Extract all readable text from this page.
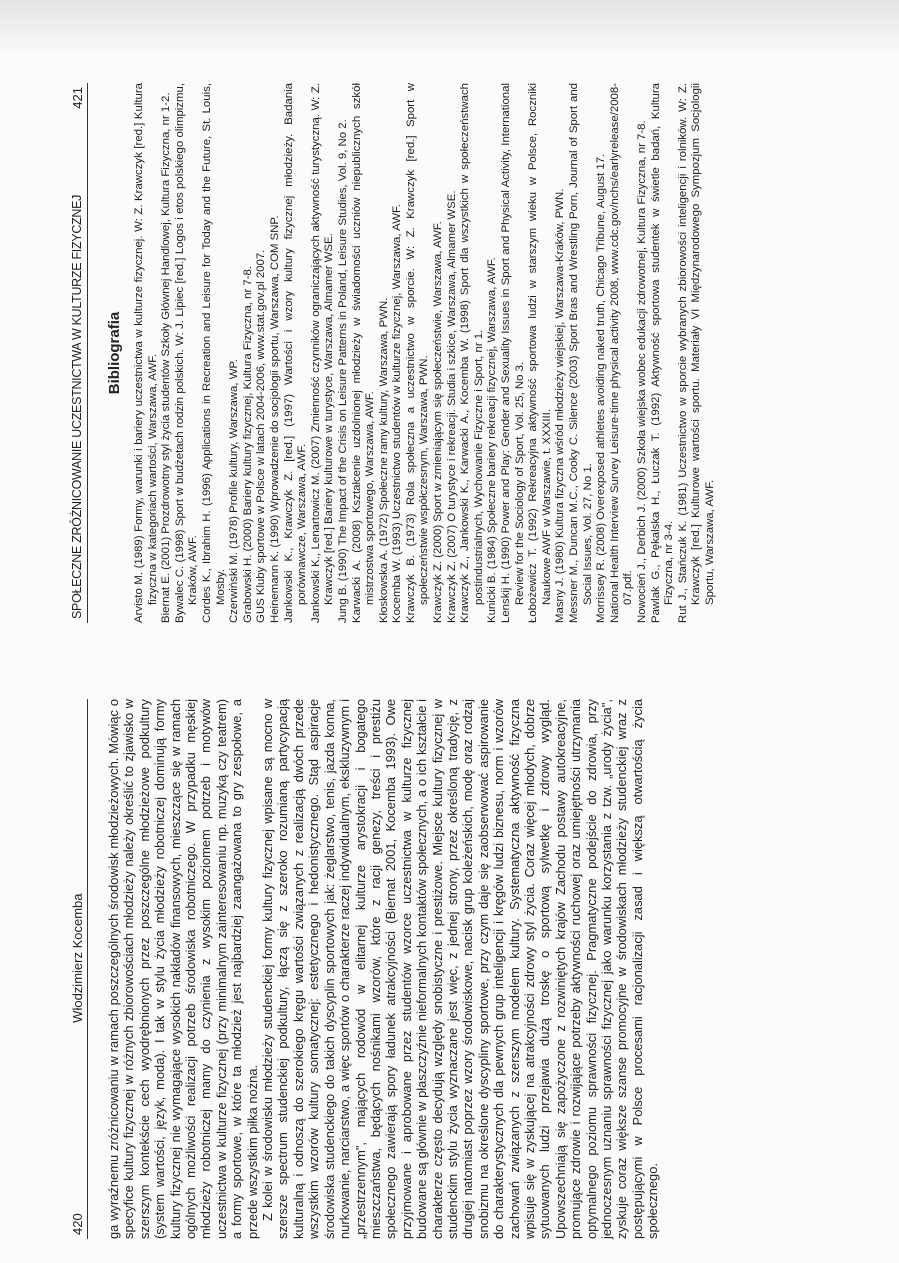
420
Włodzimierz Kocemba ga wyraźnemu zróżnicowaniu w ramach poszczególnych środowisk młodzieżowych. Mówiąc o specyfice kultury fizycznej w różnych zbiorowościach młodzieży należy określić to zjawisko w szerszym kontekście cech wyodrębnionych przez poszczególne młodzieżowe podkultury (system wartości, język, moda). I tak w stylu życia młodzieży robotniczej dominują formy kultury fizycznej nie wymagające wysokich nakładów finansowych, mieszczące się w ramach ogólnych możliwości realizacji potrzeb środowiska robotniczego. W przypadku męskiej młodzieży robotniczej mamy do czynienia z wysokim poziomem potrzeb i motywów uczestnictwa w kulturze fizycznej (przy minimalnym zainteresowaniu np. muzyką czy teatrem) a formy sportowe, w które ta młodzież jest najbardziej zaangażowana to gry zespołowe, a przede wszystkim piłka nożna. Z kolei w środowisku młodzieży studenckiej formy kultury fizycznej wpisane są mocno w szersze spectrum studenckiej podkultury, łączą się z szeroko rozumianą partycypacją kulturalną i odnoszą do szerokiego kręgu wartości związanych z realizacją dwóch przede wszystkim wzorów kultury somatycznej: estetycznego i hedonistycznego. Stąd aspiracje środowiska studenckiego do takich dyscyplin sportowych jak: żeglarstwo, tenis, jazda konna, nurkowanie, narciarstwo, a więc sportów o charakterze raczej indywidualnym, ekskluzywnym i „przestrzennym", mających rodowód w elitarnej kulturze arystokracji i bogatego mieszczaństwa, będących nośnikami wzorów, które z racji genezy, treści i prestiżu społecznego zawierają spory ładunek atrakcyjności (Biernat 2001, Kocemba 1993). Owe przyjmowane i aprobowane przez studentów wzorce uczestnictwa w kulturze fizycznej budowane są głównie w płaszczyźnie nieformalnych kontaktów społecznych, a o ich kształcie i charakterze często decydują względy snobistyczne i prestiżowe. Miejsce kultury fizycznej w studenckim stylu życia wyznaczane jest więc, z jednej strony, przez określoną tradycję, z drugiej natomiast poprzez wzory środowiskowe, nacisk grup koleżeńskich, modę oraz rodzaj snobizmu na określone dyscypliny sportowe, przy czym daje się zaobserwować aspirowanie do charakterystycznych dla pewnych grup inteligencji i kręgów ludzi biznesu, norm i wzorów zachowań związanych z szerszym modelem kultury. Systematyczna aktywność fizyczna wpisuje się w zyskującej na atrakcyjności zdrowy styl życia. Coraz więcej młodych, dobrze sytuowanych ludzi przejawia dużą troskę o sportową sylwetkę i zdrowy wygląd. Upowszechniają się zapożyczone z rozwiniętych krajów Zachodu postawy autokreacyjne, promujące zdrowie i rozwijające potrzeby aktywności ruchowej oraz umiejętności utrzymania optymalnego poziomu sprawności fizycznej. Pragmatyczne podejście do zdrowia, przy jednoczesnym uznaniu sprawności fizycznej jako warunku korzystania z tzw. „urody życia", zyskuje coraz większe szanse promocyjne w środowiskach młodzieży studenckiej wraz z postępującymi w Polsce procesami racjonalizacji zasad i większą otwartością życia społecznego.

SPOŁECZNE ZRÓŻNICOWANIE UCZESTNICTWA W KULTURZE FIZYCZNEJ
421
Bibliografia Arvisto M. (1989) Formy, warunki i bariery uczestnictwa w kulturze fizycznej. W: Z. Krawczyk [red.] Kultura fizyczna w kategoriach wartości, Warszawa, AWF. Biernat E. (2001) Prozdrowotny styl życia studentów Szkoły Głównej Handlowej, Kultura Fizyczna, nr 1-2. Bywalec C. (1998) Sport w budżetach rodzin polskich. W: J. Lipiec [red.] Logos i etos polskiego olimpizmu, Kraków, AWF. Cordes K., Ibrahim H. (1996) Applications in Recreation and Leisure for Today and the Future, St. Louis, Mosby. Czerwiński M. (1978) Profile kultury, Warszawa, WP. Grabowski H. (2000) Bariery kultury fizycznej, Kultura Fizyczna, nr 7-8. GUS Kluby sportowe w Polsce w latach 2004-2006, www.stat.gov.pl 2007. Heinemann K. (1990) Wprowadzenie do socjologii sportu, Warszawa, COM SNP. Jankowski K., Krawczyk Z. [red.] (1997) Wartości i wzory kultury fizycznej młodzieży. Badania porównawcze, Warszawa, AWF. Jankowski K., Lenartowicz M. (2007) Zmienność czynników ograniczających aktywność turystyczną. W: Z. Krawczyk [red.] Bariery kulturowe w turystyce, Warszawa, Almamer WSE. Jung B. (1990) The Impact of the Crisis on Leisure Patterns in Poland, Leisure Studies, Vol. 9, No 2. Karwacki A. (2008) Kształcenie uzdolnionej młodzieży w świadomości uczniów niepublicznych szkół mistrzostwa sportowego, Warszawa, AWF. Kłoskowska A. (1972) Społeczne ramy kultury, Warszawa, PWN. Kocemba W. (1993) Uczestnictwo studentów w kulturze fizycznej, Warszawa, AWF. Krawczyk B. (1973) Rola społeczna a uczestnictwo w sporcie. W: Z. Krawczyk [red.] Sport w społeczeństwie współczesnym, Warszawa, PWN. Krawczyk Z. (2000) Sport w zmieniającym się społeczeństwie, Warszawa, AWF. Krawczyk Z. (2007) O turystyce i rekreacji. Studia i szkice, Warszawa, Almamer WSE. Krawczyk Z., Jankowski K., Karwacki A., Kocemba W. (1998) Sport dla wszystkich w społeczeństwach postindustrialnych, Wychowanie Fizyczne i Sport, nr 1. Kunicki B. (1984) Społeczne bariery rekreacji fizycznej, Warszawa, AWF. Lenskij H. (1990) Power and Play: Gender and Sexuality Issues in Sport and Physical Activity, International Review for the Sociology of Sport, Vol. 25, No 3. Łobożewicz T. (1992) Rekreacyjna aktywność sportowa ludzi w starszym wieku w Polsce, Roczniki Naukowe AWF w Warszawie, t. XXXIII. Masny J. (1980) Kultura fizyczna wśród młodzieży wiejskiej, Warszawa-Kraków, PWN. Messner M., Duncan M.C., Cooky C. Silence (2003) Sport Bras and Wrestling Porn, Journal of Sport and Social Issues, Vol. 27, No 1. Morrissey R. (2008) Overexposed athletes avoiding naked truth, Chicago Tribune, August 17. National Health Interview Survey Leisure-time physical activity 2008, www.cdc.gov/nchs/earlyrelease/2008-07.pdf. Nowocień J., Derbich J. (2000) Szkoła wiejska wobec edukacji zdrowotnej, Kultura Fizyczna, nr 7-8. Pawlak G., Pękalska H., Łuczak T. (1992) Aktywność sportowa studentek w świetle badań, Kultura Fizyczna, nr 3-4. Rut J., Stańczuk K. (1981) Uczestnictwo w sporcie wybranych zbiorowości inteligencji i rolników. W: Z. Krawczyk [red.] Kulturowe wartości sportu. Materiały VI Międzynarodowego Sympozjum Socjologii Sportu, Warszawa, AWF.
